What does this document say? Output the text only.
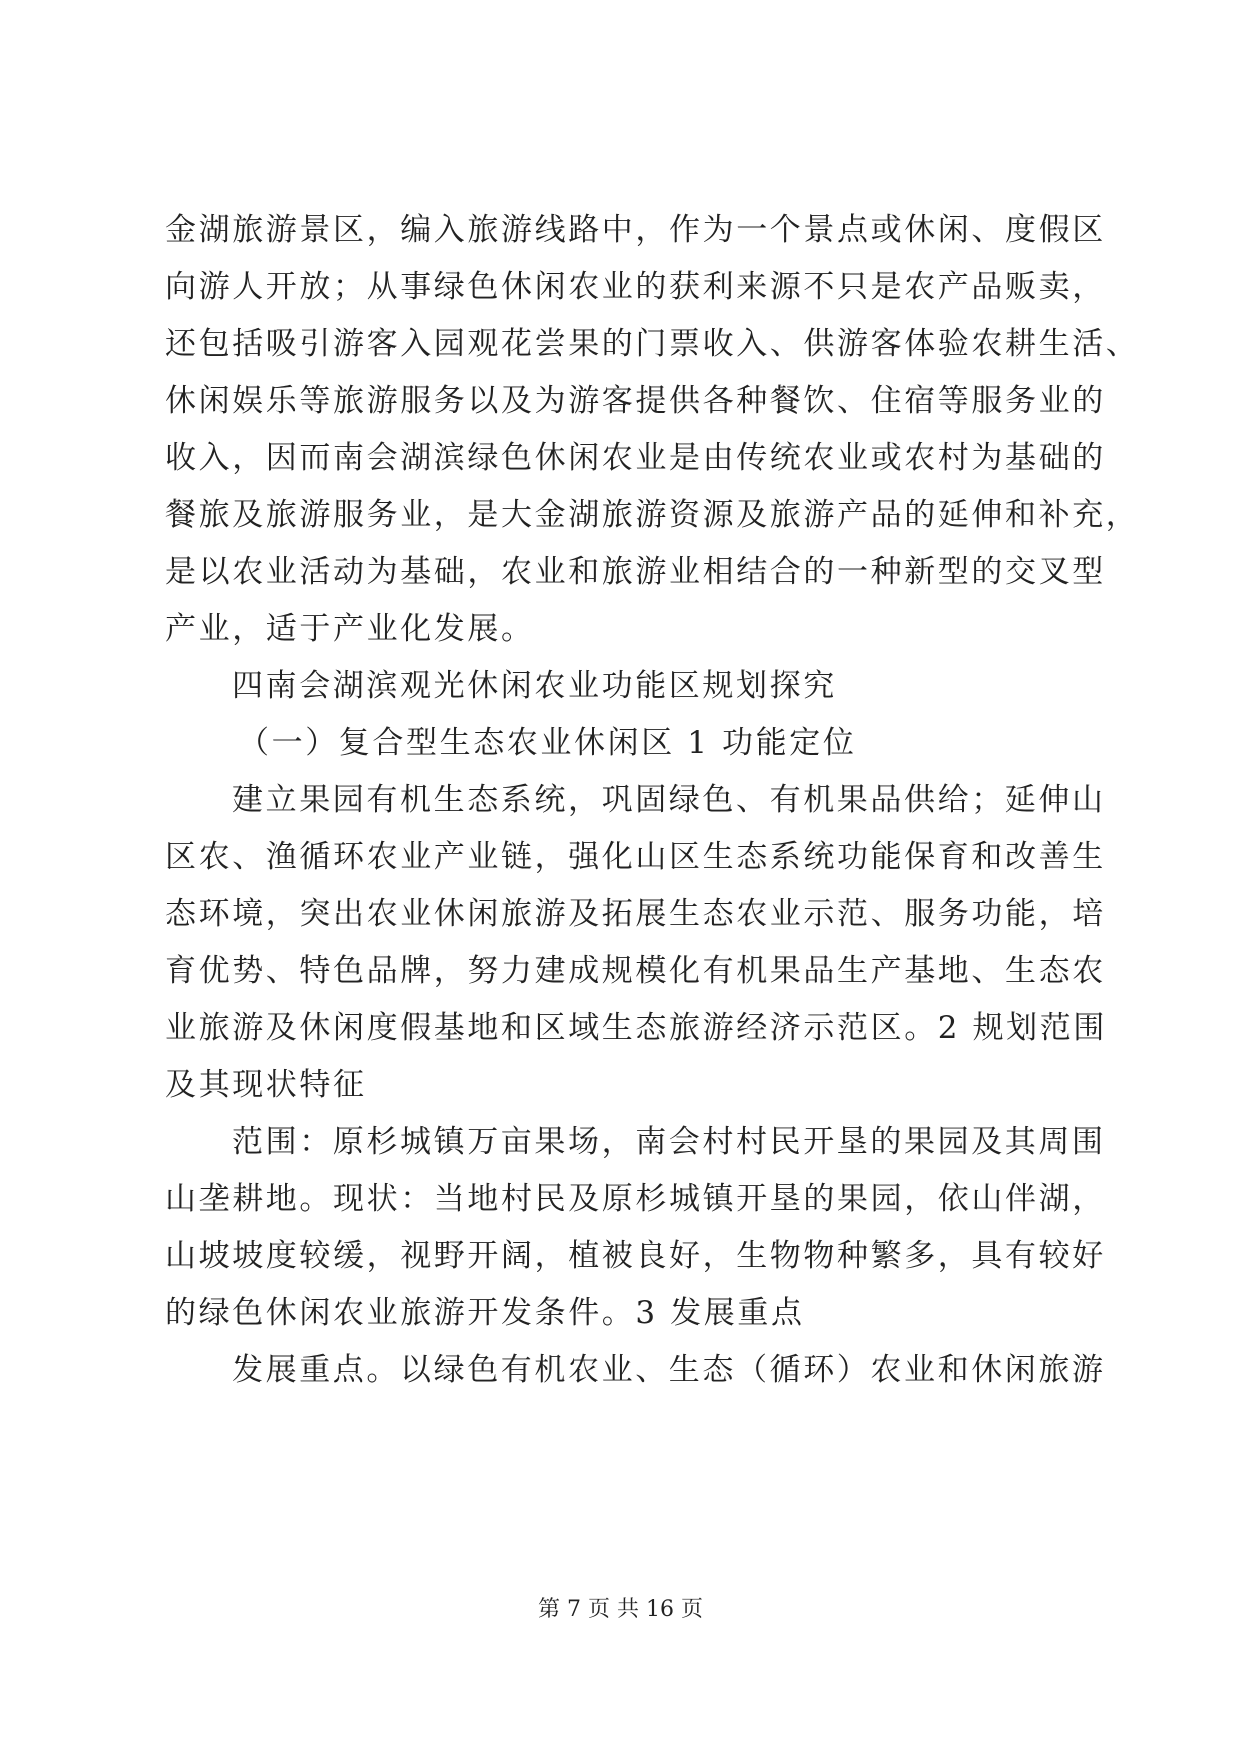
金湖旅游景区，编入旅游线路中，作为一个景点或休闲、度假区
向游人开放；从事绿色休闲农业的获利来源不只是农产品贩卖，
还包括吸引游客入园观花尝果的门票收入、供游客体验农耕生活、
休闲娱乐等旅游服务以及为游客提供各种餐饮、住宿等服务业的
收入，因而南会湖滨绿色休闲农业是由传统农业或农村为基础的
餐旅及旅游服务业，是大金湖旅游资源及旅游产品的延伸和补充，
是以农业活动为基础，农业和旅游业相结合的一种新型的交叉型
产业，适于产业化发展。
四南会湖滨观光休闲农业功能区规划探究
（一）复合型生态农业休闲区 1 功能定位
建立果园有机生态系统，巩固绿色、有机果品供给；延伸山
区农、渔循环农业产业链，强化山区生态系统功能保育和改善生
态环境，突出农业休闲旅游及拓展生态农业示范、服务功能，培
育优势、特色品牌，努力建成规模化有机果品生产基地、生态农
业旅游及休闲度假基地和区域生态旅游经济示范区。2 规划范围
及其现状特征
范围：原杉城镇万亩果场，南会村村民开垦的果园及其周围
山垄耕地。现状：当地村民及原杉城镇开垦的果园，依山伴湖，
山坡坡度较缓，视野开阔，植被良好，生物物种繁多，具有较好
的绿色休闲农业旅游开发条件。3 发展重点
发展重点。以绿色有机农业、生态（循环）农业和休闲旅游
第 7 页 共 16 页
